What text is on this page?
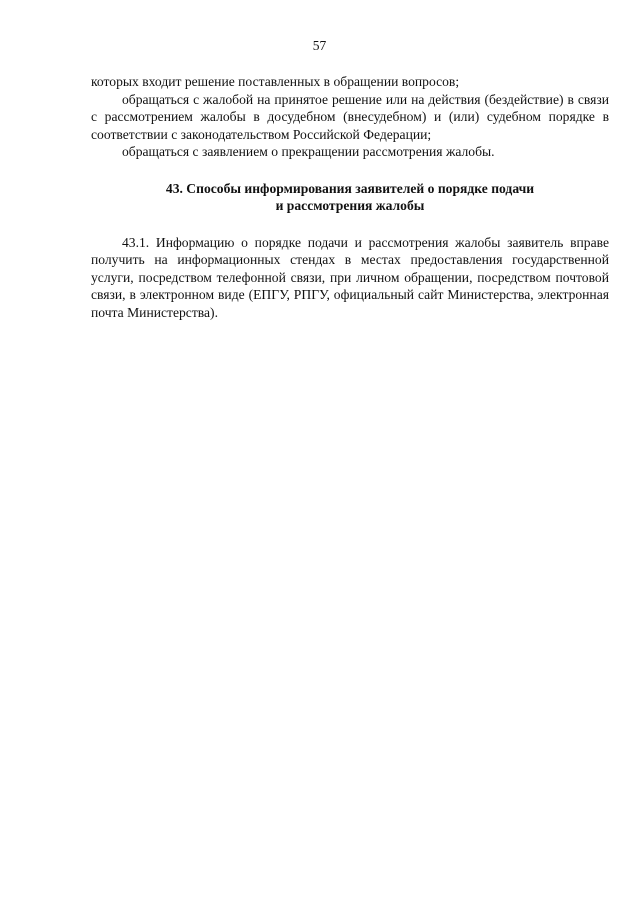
57

которых входит решение поставленных в обращении вопросов;

обращаться с жалобой на принятое решение или на действия (бездействие) в связи с рассмотрением жалобы в досудебном (внесудебном) и (или) судебном порядке в соответствии с законодательством Российской Федерации;

обращаться с заявлением о прекращении рассмотрения жалобы.

43. Способы информирования заявителей о порядке подачи
и рассмотрения жалобы

43.1. Информацию о порядке подачи и рассмотрения жалобы заявитель вправе получить на информационных стендах в местах предоставления государственной услуги, посредством телефонной связи, при личном обращении, посредством почтовой связи, в электронном виде (ЕПГУ, РПГУ, официальный сайт Министерства, электронная почта Министерства).
